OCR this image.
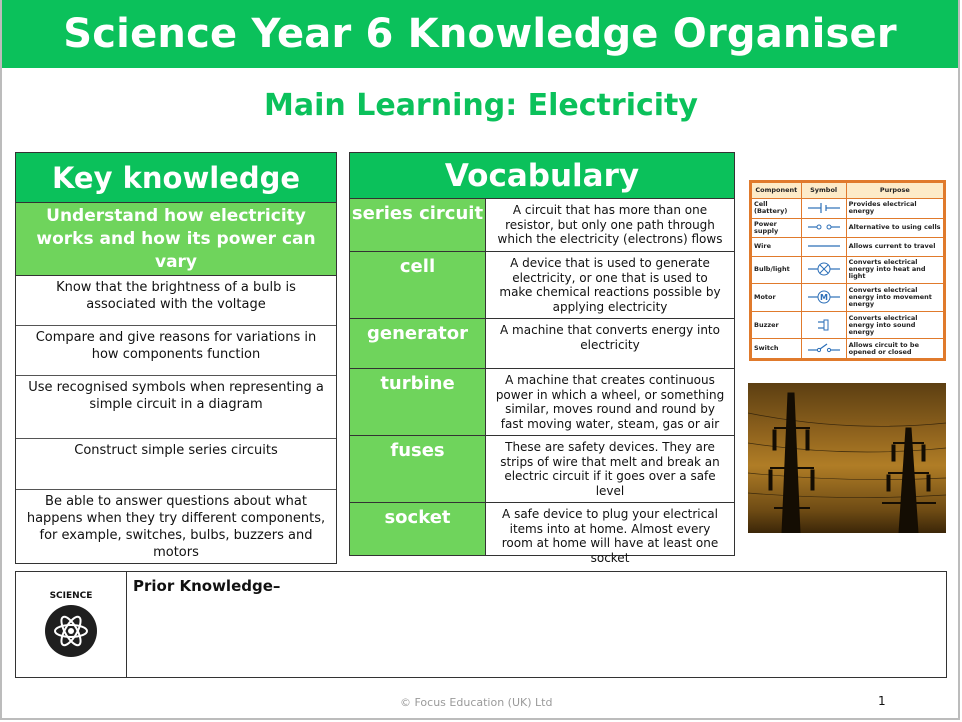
Science Year 6 Knowledge Organiser
Main Learning: Electricity
Key knowledge
Understand how electricity works and how its power can vary
Know that the brightness of a bulb is associated with the voltage
Compare and give reasons for variations in how components function
Use recognised symbols when representing a simple circuit in a diagram
Construct simple series circuits
Be able to answer questions about what happens when they try different components, for example, switches, bulbs, buzzers and motors
Vocabulary
series circuit	A circuit that has more than one resistor, but only one path through which the electricity (electrons) flows
cell	A device that is used to generate electricity, or one that is used to make chemical reactions possible by applying electricity
generator	A machine that converts energy into electricity
turbine	A machine that creates continuous power in which a wheel, or something similar, moves round and round by fast moving water, steam, gas or air
fuses	These are safety devices. They are strips of wire that melt and break an electric circuit if it goes over a safe level
socket	A safe device to plug your electrical items into at home. Almost every room at home will have at least one socket
Component	Symbol	Purpose
Cell (Battery)		Provides electrical energy
Power supply		Alternative to using cells
Wire		Allows current to travel
Bulb/light		Converts electrical energy into heat and light
Motor	M	Converts electrical energy into movement energy
Buzzer		Converts electrical energy into sound energy
Switch		Allows circuit to be opened or closed
SCIENCE
Prior Knowledge–
© Focus Education (UK) Ltd	1
